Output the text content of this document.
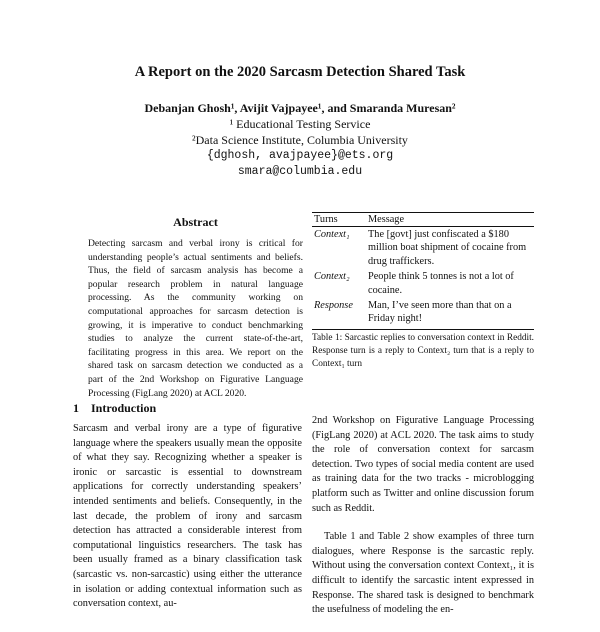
A Report on the 2020 Sarcasm Detection Shared Task
Debanjan Ghosh¹, Avijit Vajpayee¹, and Smaranda Muresan²
¹ Educational Testing Service
²Data Science Institute, Columbia University
{dghosh, avajpayee}@ets.org
smara@columbia.edu
Abstract
Detecting sarcasm and verbal irony is critical for understanding people’s actual sentiments and beliefs. Thus, the field of sarcasm analysis has become a popular research problem in natural language processing. As the community working on computational approaches for sarcasm detection is growing, it is imperative to conduct benchmarking studies to analyze the current state-of-the-art, facilitating progress in this area. We report on the shared task on sarcasm detection we conducted as a part of the 2nd Workshop on Figurative Language Processing (FigLang 2020) at ACL 2020.
1 Introduction
Sarcasm and verbal irony are a type of figurative language where the speakers usually mean the opposite of what they say. Recognizing whether a speaker is ironic or sarcastic is essential to downstream applications for correctly understanding speakers’ intended sentiments and beliefs. Consequently, in the last decade, the problem of irony and sarcasm detection has attracted a considerable interest from computational linguistics researchers. The task has been usually framed as a binary classification task (sarcastic vs. non-sarcastic) using either the utterance in isolation or adding contextual information such as conversation context, au-
Turns	Message
Context₁	The [govt] just confiscated a $180 million boat shipment of cocaine from drug traffickers.
Context₂	People think 5 tonnes is not a lot of cocaine.
Response	Man, I’ve seen more than that on a Friday night!
Table 1: Sarcastic replies to conversation context in Reddit. Response turn is a reply to Context₂ turn that is a reply to Context₁ turn

2nd Workshop on Figurative Language Processing (FigLang 2020) at ACL 2020. The task aims to study the role of conversation context for sarcasm detection. Two types of social media content are used as training data for the two tracks - microblogging platform such as Twitter and online discussion forum such as Reddit.

Table 1 and Table 2 show examples of three turn dialogues, where Response is the sarcastic reply. Without using the conversation context Context₁, it is difficult to identify the sarcastic intent expressed in Response. The shared task is designed to benchmark the usefulness of modeling the en-
